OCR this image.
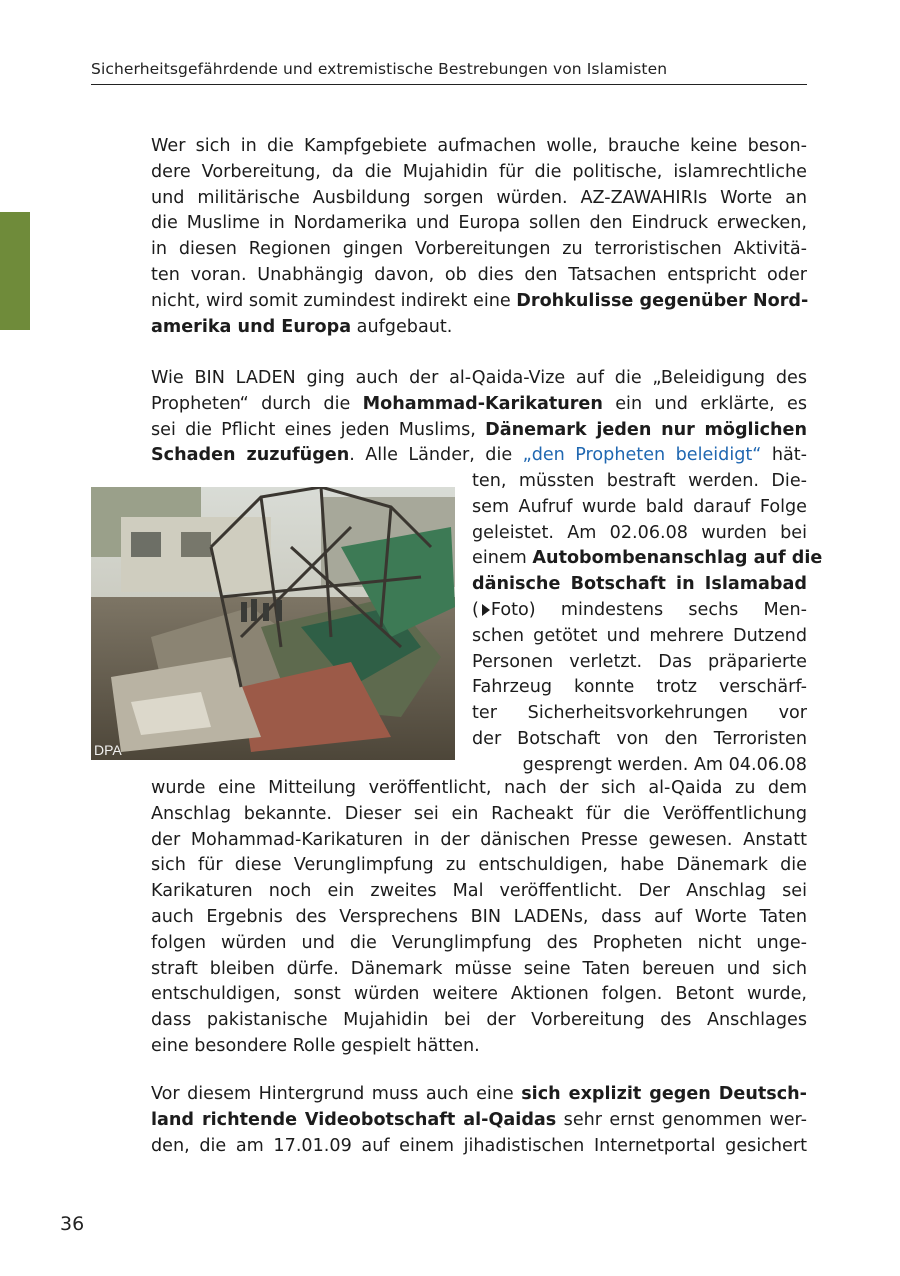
Sicherheitsgefährdende und extremistische Bestrebungen von Islamisten
Wer sich in die Kampfgebiete aufmachen wolle, brauche keine beson-
dere Vorbereitung, da die Mujahidin für die politische, islamrechtliche
und militärische Ausbildung sorgen würden. AZ-ZAWAHIRIs Worte an
die Muslime in Nordamerika und Europa sollen den Eindruck erwecken,
in diesen Regionen gingen Vorbereitungen zu terroristischen Aktivitä-
ten voran. Unabhängig davon, ob dies den Tatsachen entspricht oder
nicht, wird somit zumindest indirekt eine Drohkulisse gegenüber Nord-
amerika und Europa aufgebaut.
Wie BIN LADEN ging auch der al-Qaida-Vize auf die „Beleidigung des
Propheten“ durch die Mohammad-Karikaturen ein und erklärte, es
sei die Pflicht eines jeden Muslims, Dänemark jeden nur möglichen
Schaden zuzufügen. Alle Länder, die „den Propheten beleidigt“ hät-
DPA
ten, müssten bestraft werden. Die-
sem Aufruf wurde bald darauf Folge
geleistet. Am 02.06.08 wurden bei
einem Autobombenanschlag auf die
dänische Botschaft in Islamabad
( Foto) mindestens sechs Men-
schen getötet und mehrere Dutzend
Personen verletzt. Das präparierte
Fahrzeug konnte trotz verschärf-
ter Sicherheitsvorkehrungen vor
der Botschaft von den Terroristen
gesprengt werden. Am 04.06.08
wurde eine Mitteilung veröffentlicht, nach der sich al-Qaida zu dem
Anschlag bekannte. Dieser sei ein Racheakt für die Veröffentlichung
der Mohammad-Karikaturen in der dänischen Presse gewesen. Anstatt
sich für diese Verunglimpfung zu entschuldigen, habe Dänemark die
Karikaturen noch ein zweites Mal veröffentlicht. Der Anschlag sei
auch Ergebnis des Versprechens BIN LADENs, dass auf Worte Taten
folgen würden und die Verunglimpfung des Propheten nicht unge-
straft bleiben dürfe. Dänemark müsse seine Taten bereuen und sich
entschuldigen, sonst würden weitere Aktionen folgen. Betont wurde,
dass pakistanische Mujahidin bei der Vorbereitung des Anschlages
eine besondere Rolle gespielt hätten.
Vor diesem Hintergrund muss auch eine sich explizit gegen Deutsch-
land richtende Videobotschaft al-Qaidas sehr ernst genommen wer-
den, die am 17.01.09 auf einem jihadistischen Internetportal gesichert
36
